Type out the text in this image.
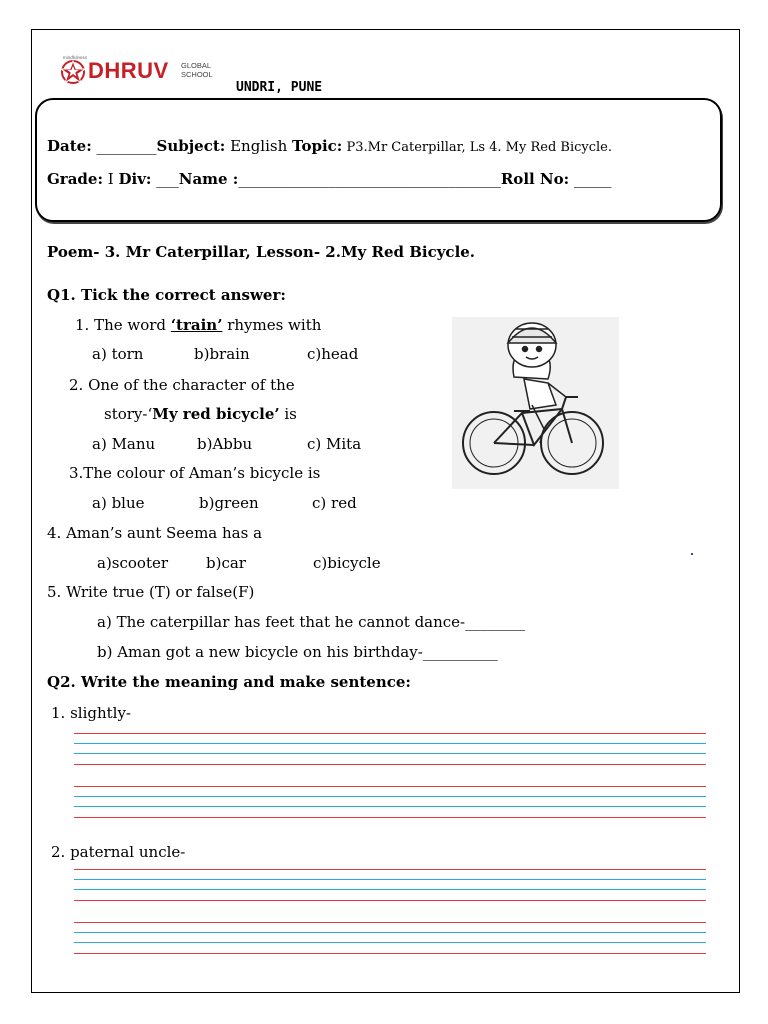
mindfulness
DHRUV GLOBAL
SCHOOL
UNDRI, PUNE
Date: ________Subject: English Topic: P3.Mr Caterpillar, Ls 4. My Red Bicycle.
Grade: I Div: ___Name :___________________________________Roll No: _____
Poem- 3. Mr Caterpillar, Lesson- 2.My Red Bicycle.
Q1. Tick the correct answer:
1. The word ‘train’ rhymes with
a) torn	b)brain	c)head
2. One of the character of the
story-‘My red bicycle’ is
a) Manu	b)Abbu	c) Mita
3.The colour of Aman’s bicycle is
a) blue	b)green	c) red
4. Aman’s aunt Seema has a
a)scooter	b)car	c)bicycle
5. Write true (T) or false(F)
a) The caterpillar has feet that he cannot dance-________
b) Aman got a new bicycle on his birthday-__________
Q2. Write the meaning and make sentence:
1. slightly-
2. paternal uncle-
